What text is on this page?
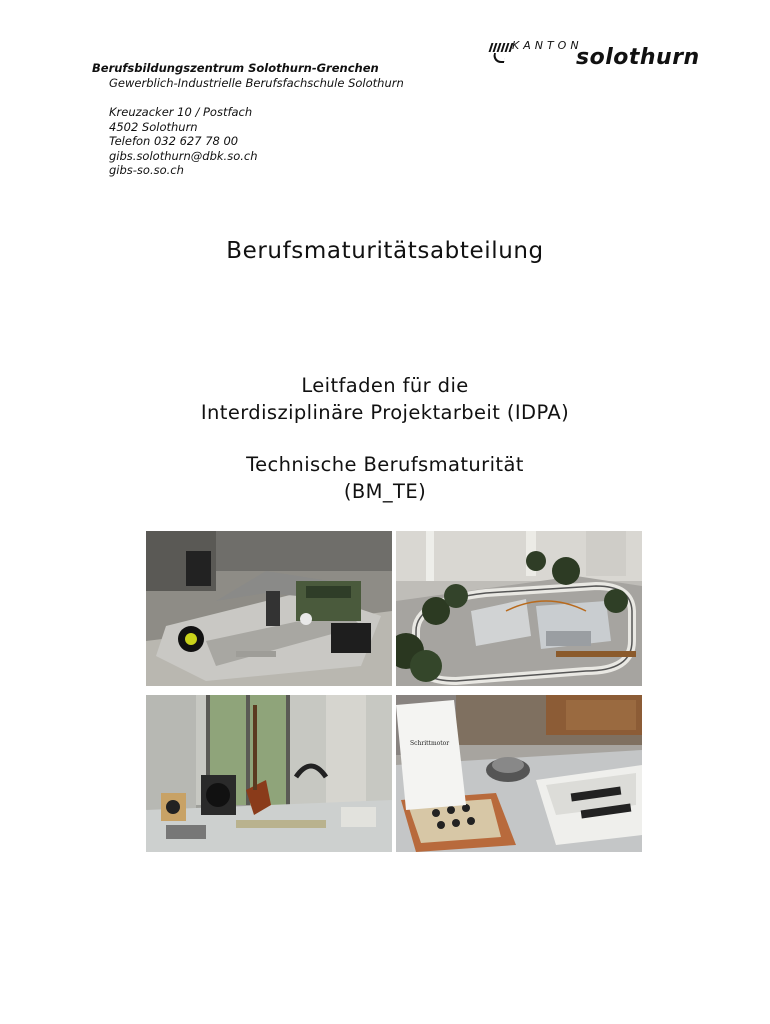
KANTON
solothurn
Berufsbildungszentrum Solothurn-Grenchen
Gewerblich-Industrielle Berufsfachschule Solothurn
Kreuzacker 10 / Postfach
4502 Solothurn
Telefon 032 627 78 00
gibs.solothurn@dbk.so.ch
gibs-so.so.ch
Berufsmaturitätsabteilung
Leitfaden für die
Interdisziplinäre Projektarbeit (IDPA)
Technische Berufsmaturität
(BM_TE)
Schrittmotor
